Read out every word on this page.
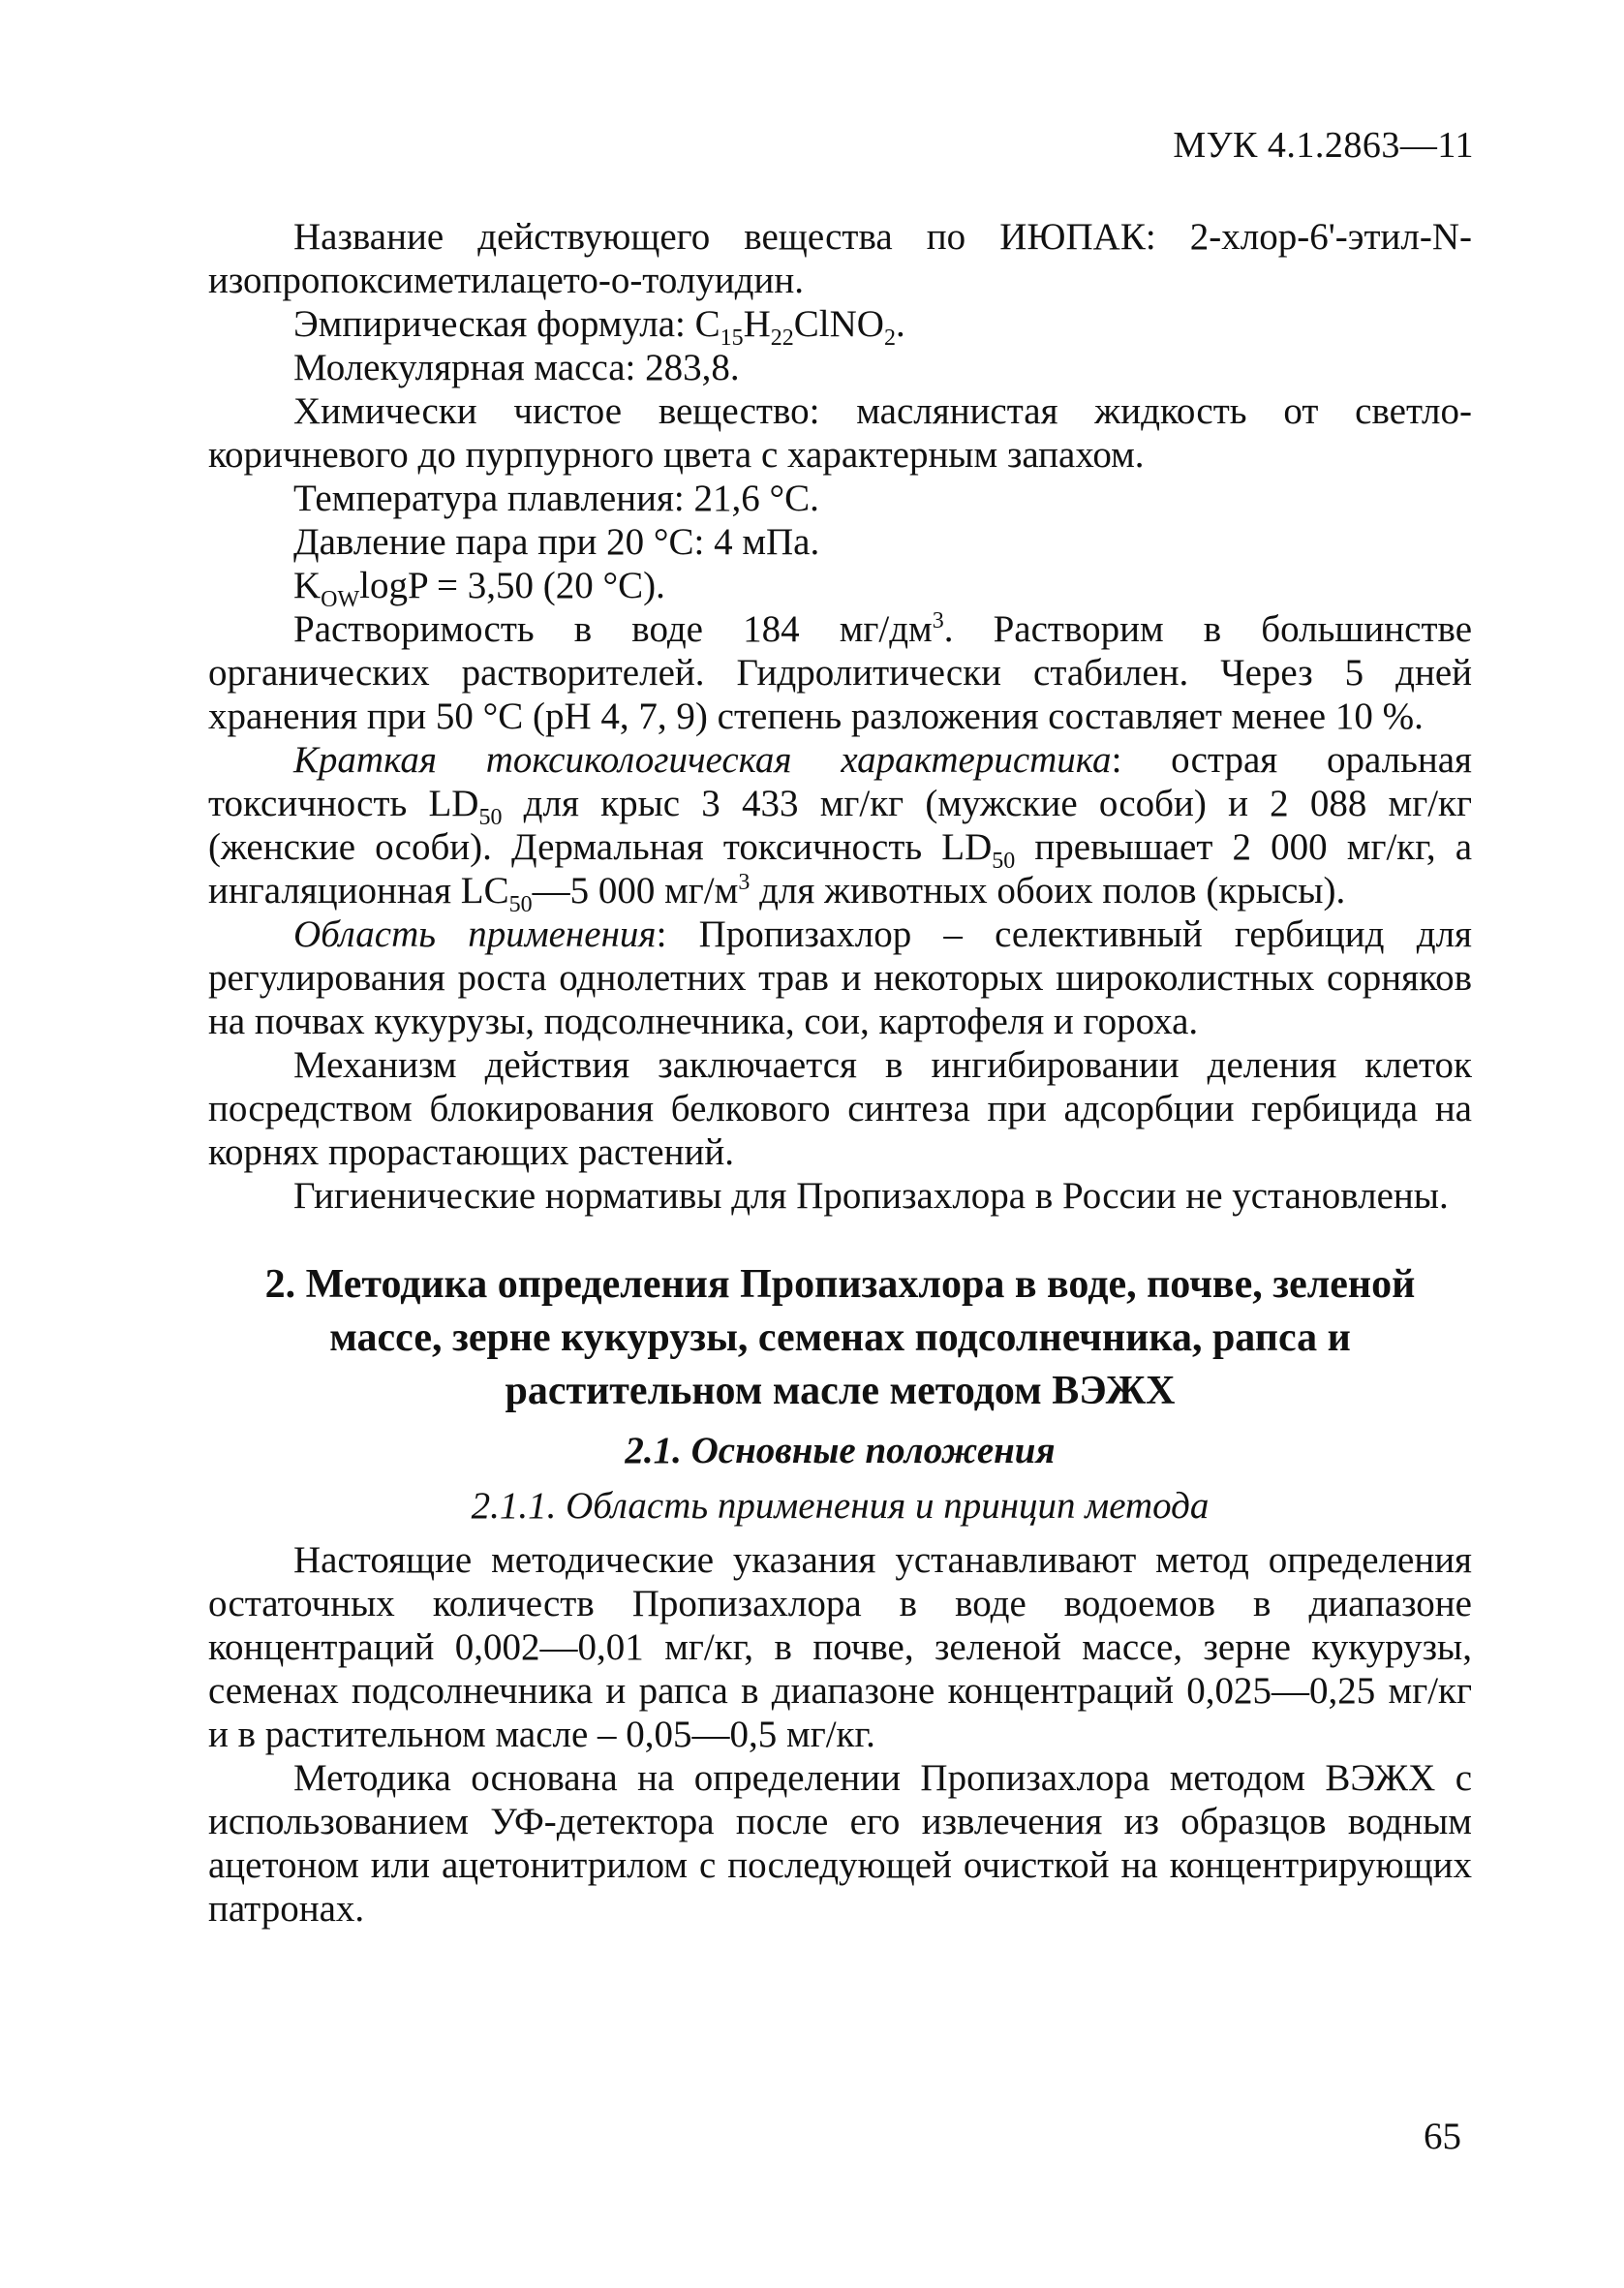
МУК 4.1.2863—11

Название действующего вещества по ИЮПАК: 2-хлор-6'-этил-N-изопропоксиметилацето-о-толуидин.

Эмпирическая формула: $C_{15}H_{22}ClNO_2$.

Молекулярная масса: 283,8.

Химически чистое вещество: маслянистая жидкость от светло-коричневого до пурпурного цвета с характерным запахом.

Температура плавления: 21,6 °С.

Давление пара при 20 °С: 4 мПа.

$K_{OW}\log P = 3,50$ (20 °C).

Растворимость в воде 184 $мг/дм^3$. Растворим в большинстве органических растворителей. Гидролитически стабилен. Через 5 дней хранения при 50 °С (pH 4, 7, 9) степень разложения составляет менее 10 %.

Краткая токсикологическая характеристика: острая оральная токсичность $LD_{50}$ для крыс 3 433 мг/кг (мужские особи) и 2 088 мг/кг (женские особи). Дермальная токсичность $LD_{50}$ превышает 2 000 мг/кг, а ингаляционная $LC_{50}—5$ 000 $мг/м^3$ для животных обоих полов (крысы).

Область применения: Пропизахлор – селективный гербицид для регулирования роста однолетних трав и некоторых широколистных сорняков на почвах кукурузы, подсолнечника, сои, картофеля и гороха.

Механизм действия заключается в ингибировании деления клеток посредством блокирования белкового синтеза при адсорбции гербицида на корнях прорастающих растений.

Гигиенические нормативы для Пропизахлора в России не установлены.

2. Методика определения Пропизахлора в воде, почве, зеленой массе, зерне кукурузы, семенах подсолнечника, рапса и растительном масле методом ВЭЖХ
2.1. Основные положения
2.1.1. Область применения и принцип метода

Настоящие методические указания устанавливают метод определения остаточных количеств Пропизахлора в воде водоемов в диапазоне концентраций 0,002—0,01 мг/кг, в почве, зеленой массе, зерне кукурузы, семенах подсолнечника и рапса в диапазоне концентраций 0,025—0,25 мг/кг и в растительном масле – 0,05—0,5 мг/кг.

Методика основана на определении Пропизахлора методом ВЭЖХ с использованием УФ-детектора после его извлечения из образцов водным ацетоном или ацетонитрилом с последующей очисткой на концентрирующих патронах.

65
